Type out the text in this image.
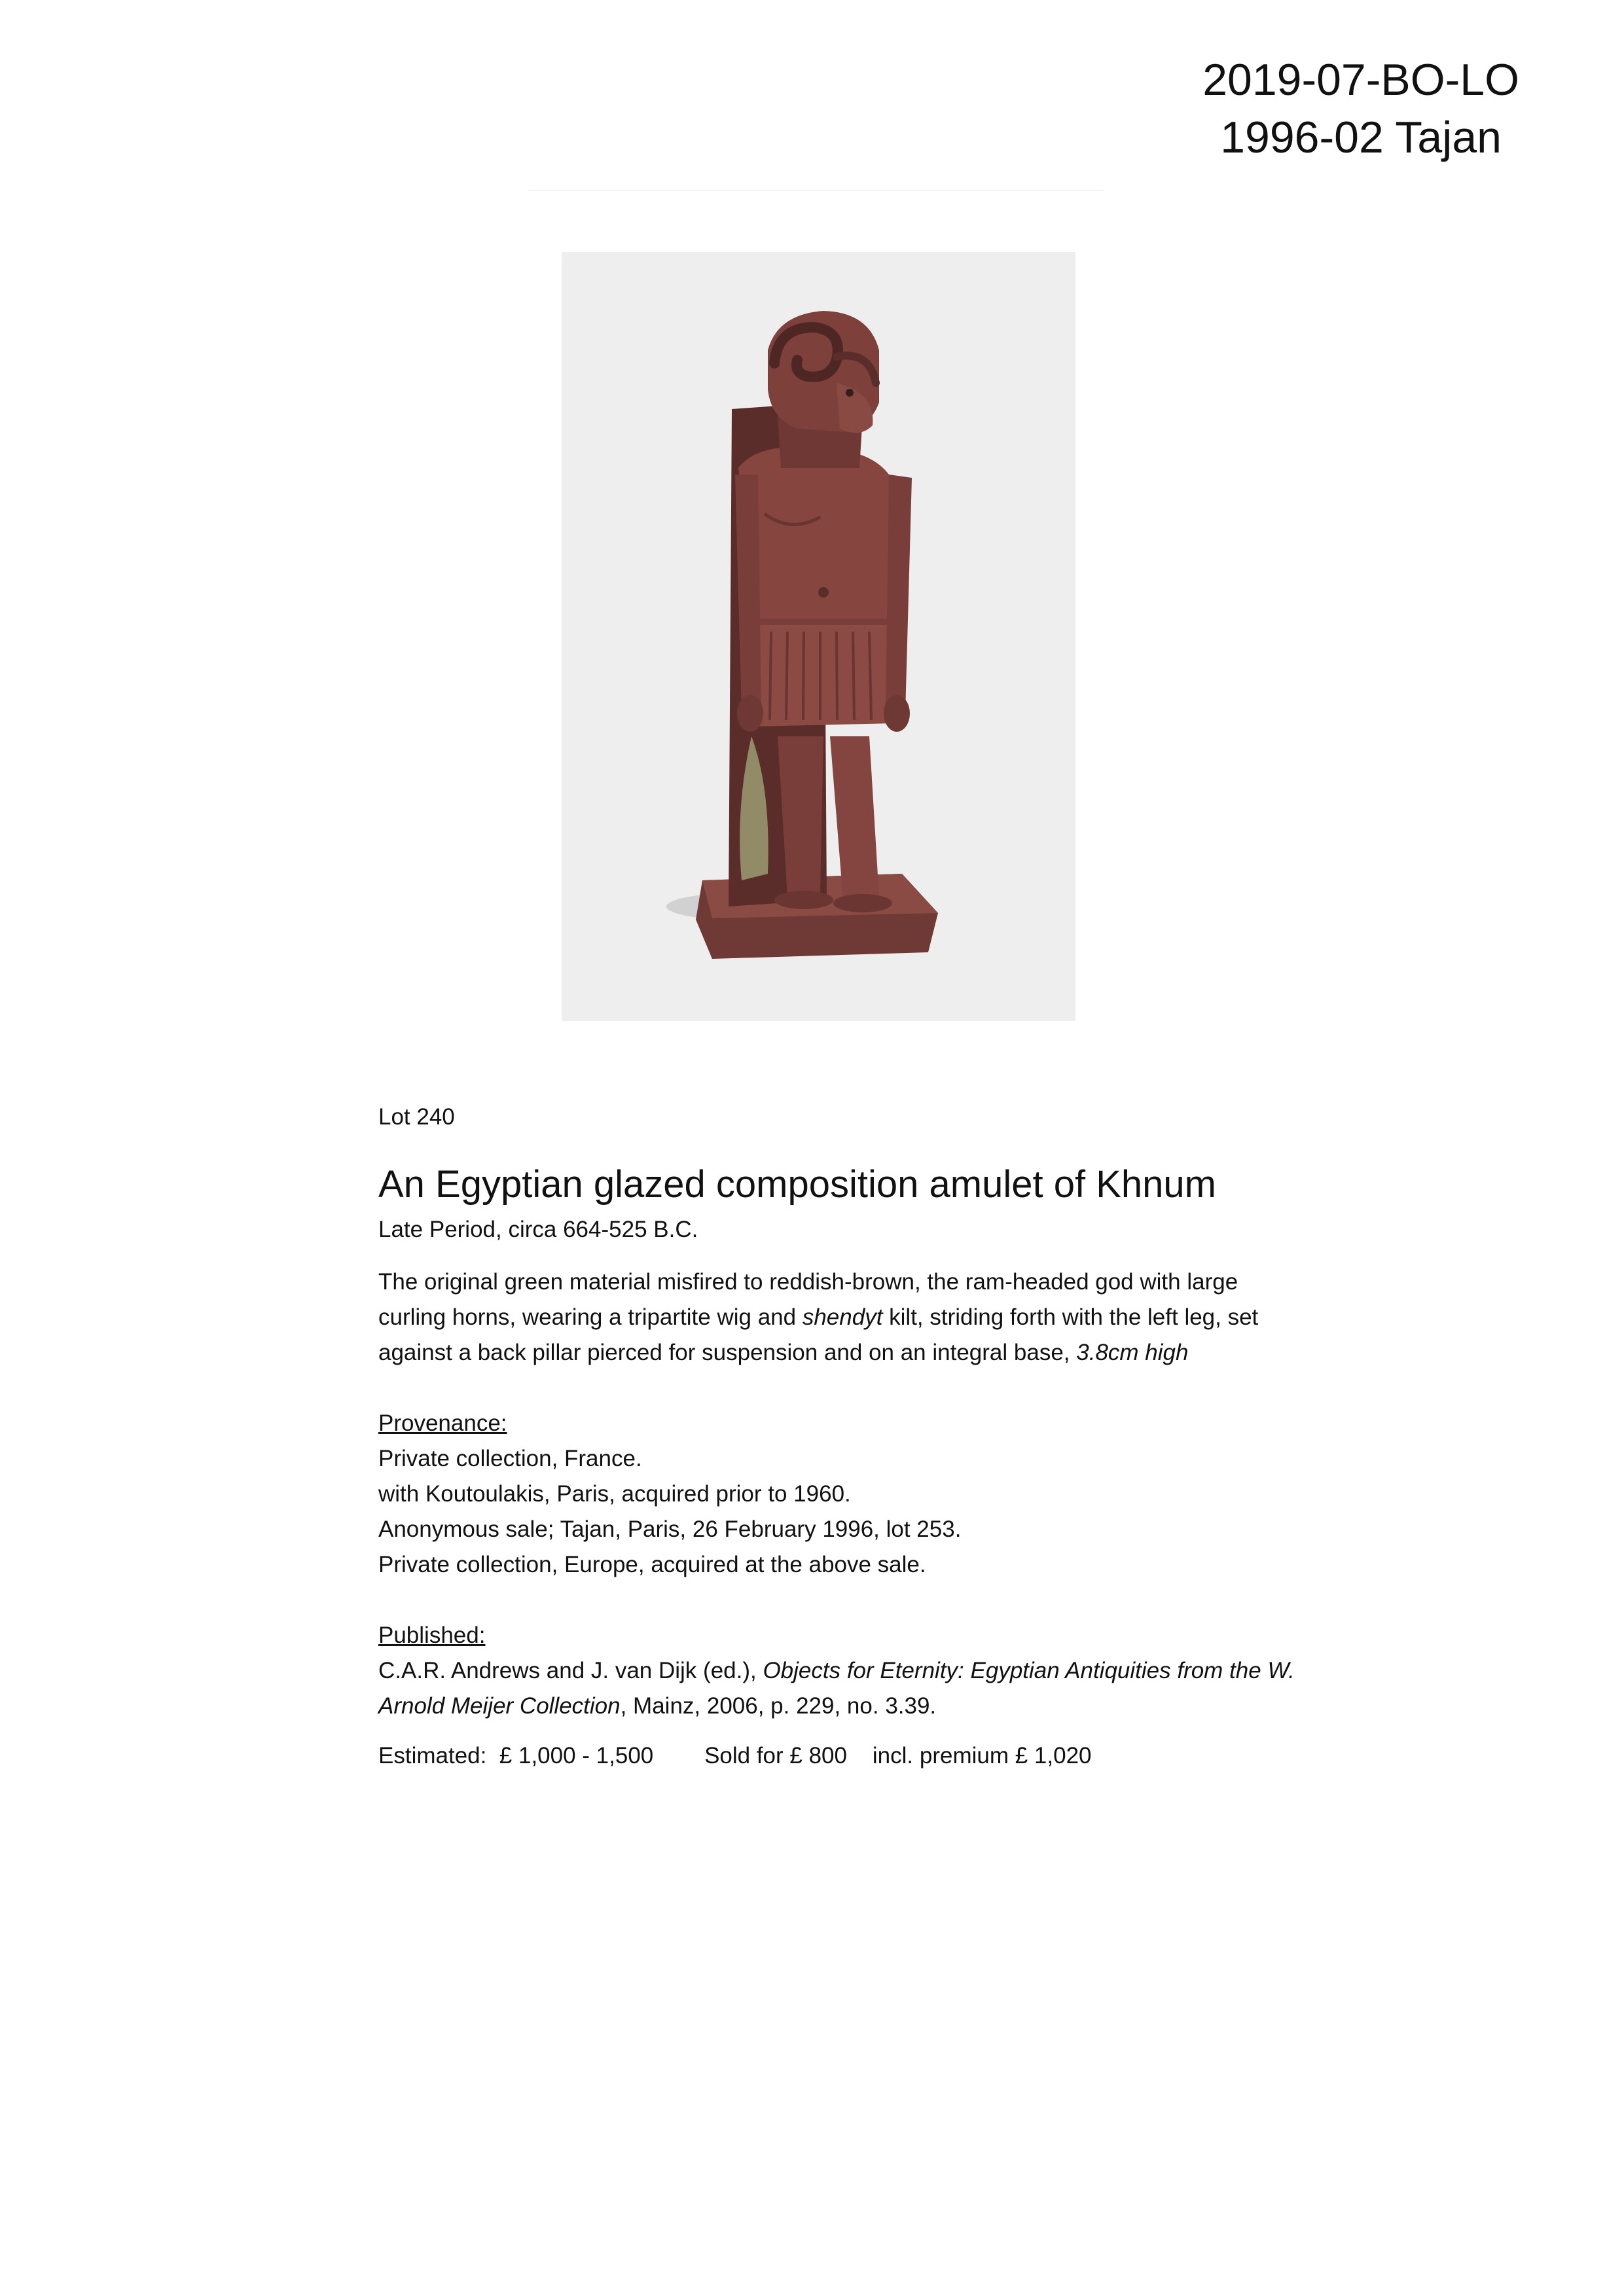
2019-07-BO-LO
1996-02 Tajan
Lot 240
An Egyptian glazed composition amulet of Khnum
Late Period, circa 664-525 B.C.
The original green material misfired to reddish-brown, the ram-headed god with large curling horns, wearing a tripartite wig and shendyt kilt, striding forth with the left leg, set against a back pillar pierced for suspension and on an integral base, 3.8cm high
Provenance:
Private collection, France.
with Koutoulakis, Paris, acquired prior to 1960.
Anonymous sale; Tajan, Paris, 26 February 1996, lot 253.
Private collection, Europe, acquired at the above sale.
Published:
C.A.R. Andrews and J. van Dijk (ed.), Objects for Eternity: Egyptian Antiquities from the W. Arnold Meijer Collection, Mainz, 2006, p. 229, no. 3.39.
Estimated:  £ 1,000 - 1,500 Sold for £ 800 incl. premium £ 1,020
